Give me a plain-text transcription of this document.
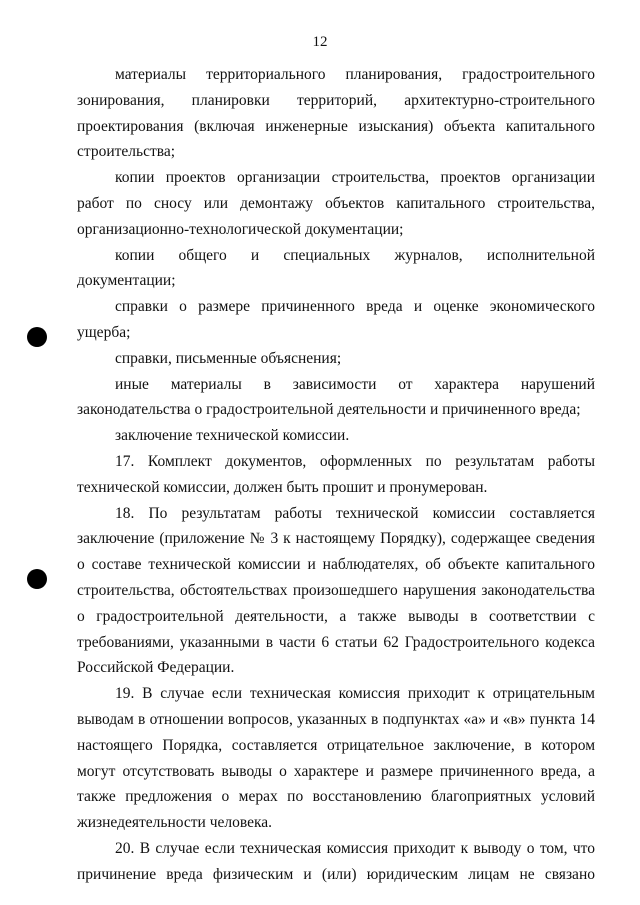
12

материалы территориального планирования, градостроительного зонирования, планировки территорий, архитектурно-строительного проектирования (включая инженерные изыскания) объекта капитального строительства;

копии проектов организации строительства, проектов организации работ по сносу или демонтажу объектов капитального строительства, организационно-технологической документации;

копии общего и специальных журналов, исполнительной документации;

справки о размере причиненного вреда и оценке экономического ущерба;

справки, письменные объяснения;

иные материалы в зависимости от характера нарушений законодательства о градостроительной деятельности и причиненного вреда;

заключение технической комиссии.

17. Комплект документов, оформленных по результатам работы технической комиссии, должен быть прошит и пронумерован.

18. По результатам работы технической комиссии составляется заключение (приложение № 3 к настоящему Порядку), содержащее сведения о составе технической комиссии и наблюдателях, об объекте капитального строительства, обстоятельствах произошедшего нарушения законодательства о градостроительной деятельности, а также выводы в соответствии с требованиями, указанными в части 6 статьи 62 Градостроительного кодекса Российской Федерации.

19. В случае если техническая комиссия приходит к отрицательным выводам в отношении вопросов, указанных в подпунктах «а» и «в» пункта 14 настоящего Порядка, составляется отрицательное заключение, в котором могут отсутствовать выводы о характере и размере причиненного вреда, а также предложения о мерах по восстановлению благоприятных условий жизнедеятельности человека.

20. В случае если техническая комиссия приходит к выводу о том, что причинение вреда физическим и (или) юридическим лицам не связано
